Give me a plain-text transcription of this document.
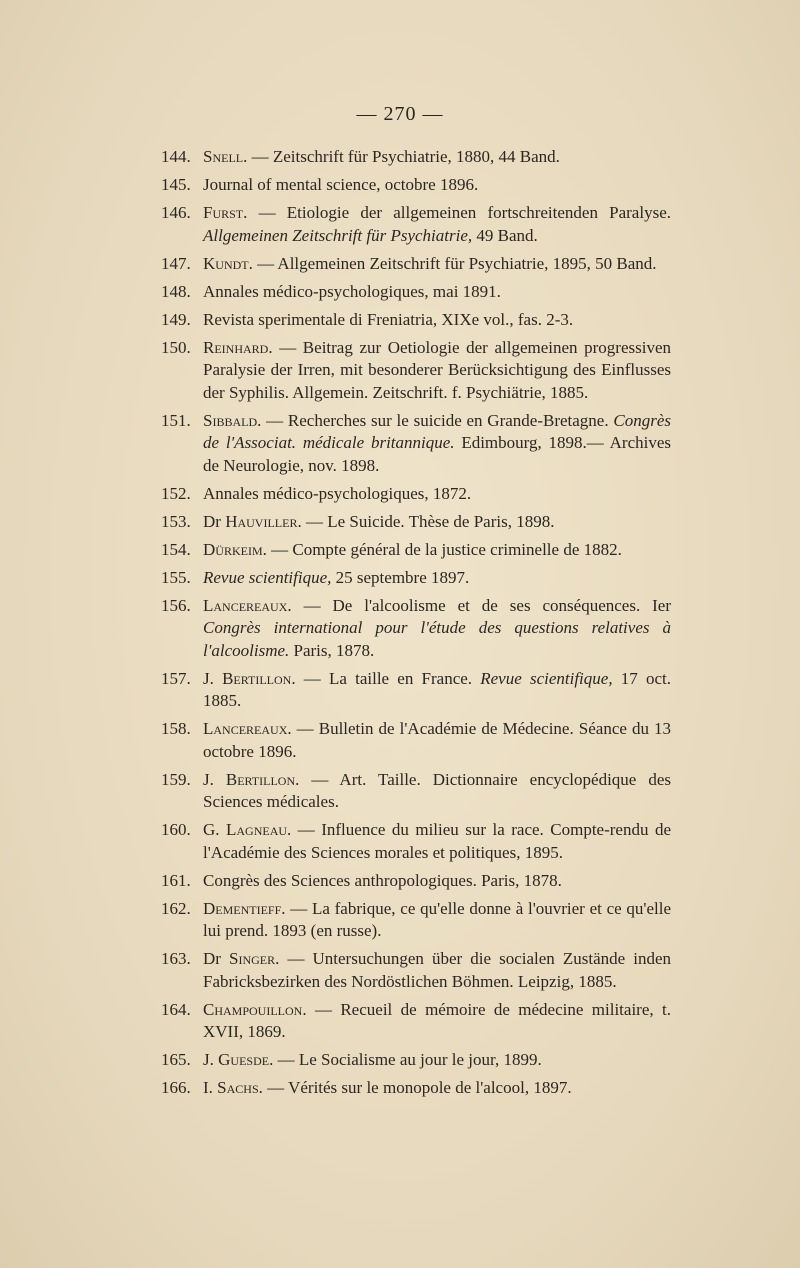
— 270 —
144. Snell. — Zeitschrift für Psychiatrie, 1880, 44 Band.
145. Journal of mental science, octobre 1896.
146. Furst. — Etiologie der allgemeinen fortschreitenden Paralyse. Allgemeinen Zeitschrift für Psychiatrie, 49 Band.
147. Kundt. — Allgemeinen Zeitschrift für Psychiatrie, 1895, 50 Band.
148. Annales médico-psychologiques, mai 1891.
149. Revista sperimentale di Freniatria, XIXe vol., fas. 2-3.
150. Reinhard. — Beitrag zur Oetiologie der allgemeinen progressiven Paralysie der Irren, mit besonderer Berücksichtigung des Einflusses der Syphilis. Allgemein. Zeitschrift. f. Psychiätrie, 1885.
151. Sibbald. — Recherches sur le suicide en Grande-Bretagne. Congrès de l'Associat. médicale britannique. Edimbourg, 1898.— Archives de Neurologie, nov. 1898.
152. Annales médico-psychologiques, 1872.
153. Dr Hauviller. — Le Suicide. Thèse de Paris, 1898.
154. Dürkeim. — Compte général de la justice criminelle de 1882.
155. Revue scientifique, 25 septembre 1897.
156. Lancereaux. — De l'alcoolisme et de ses conséquences. Ier Congrès international pour l'étude des questions relatives à l'alcoolisme. Paris, 1878.
157. J. Bertillon. — La taille en France. Revue scientifique, 17 oct. 1885.
158. Lancereaux. — Bulletin de l'Académie de Médecine. Séance du 13 octobre 1896.
159. J. Bertillon. — Art. Taille. Dictionnaire encyclopédique des Sciences médicales.
160. G. Lagneau. — Influence du milieu sur la race. Compte-rendu de l'Académie des Sciences morales et politiques, 1895.
161. Congrès des Sciences anthropologiques. Paris, 1878.
162. Dementieff. — La fabrique, ce qu'elle donne à l'ouvrier et ce qu'elle lui prend. 1893 (en russe).
163. Dr Singer. — Untersuchungen über die socialen Zustände inden Fabricksbezirken des Nordöstlichen Böhmen. Leipzig, 1885.
164. Champouillon. — Recueil de mémoire de médecine militaire, t. XVII, 1869.
165. J. Guesde. — Le Socialisme au jour le jour, 1899.
166. I. Sachs. — Vérités sur le monopole de l'alcool, 1897.
